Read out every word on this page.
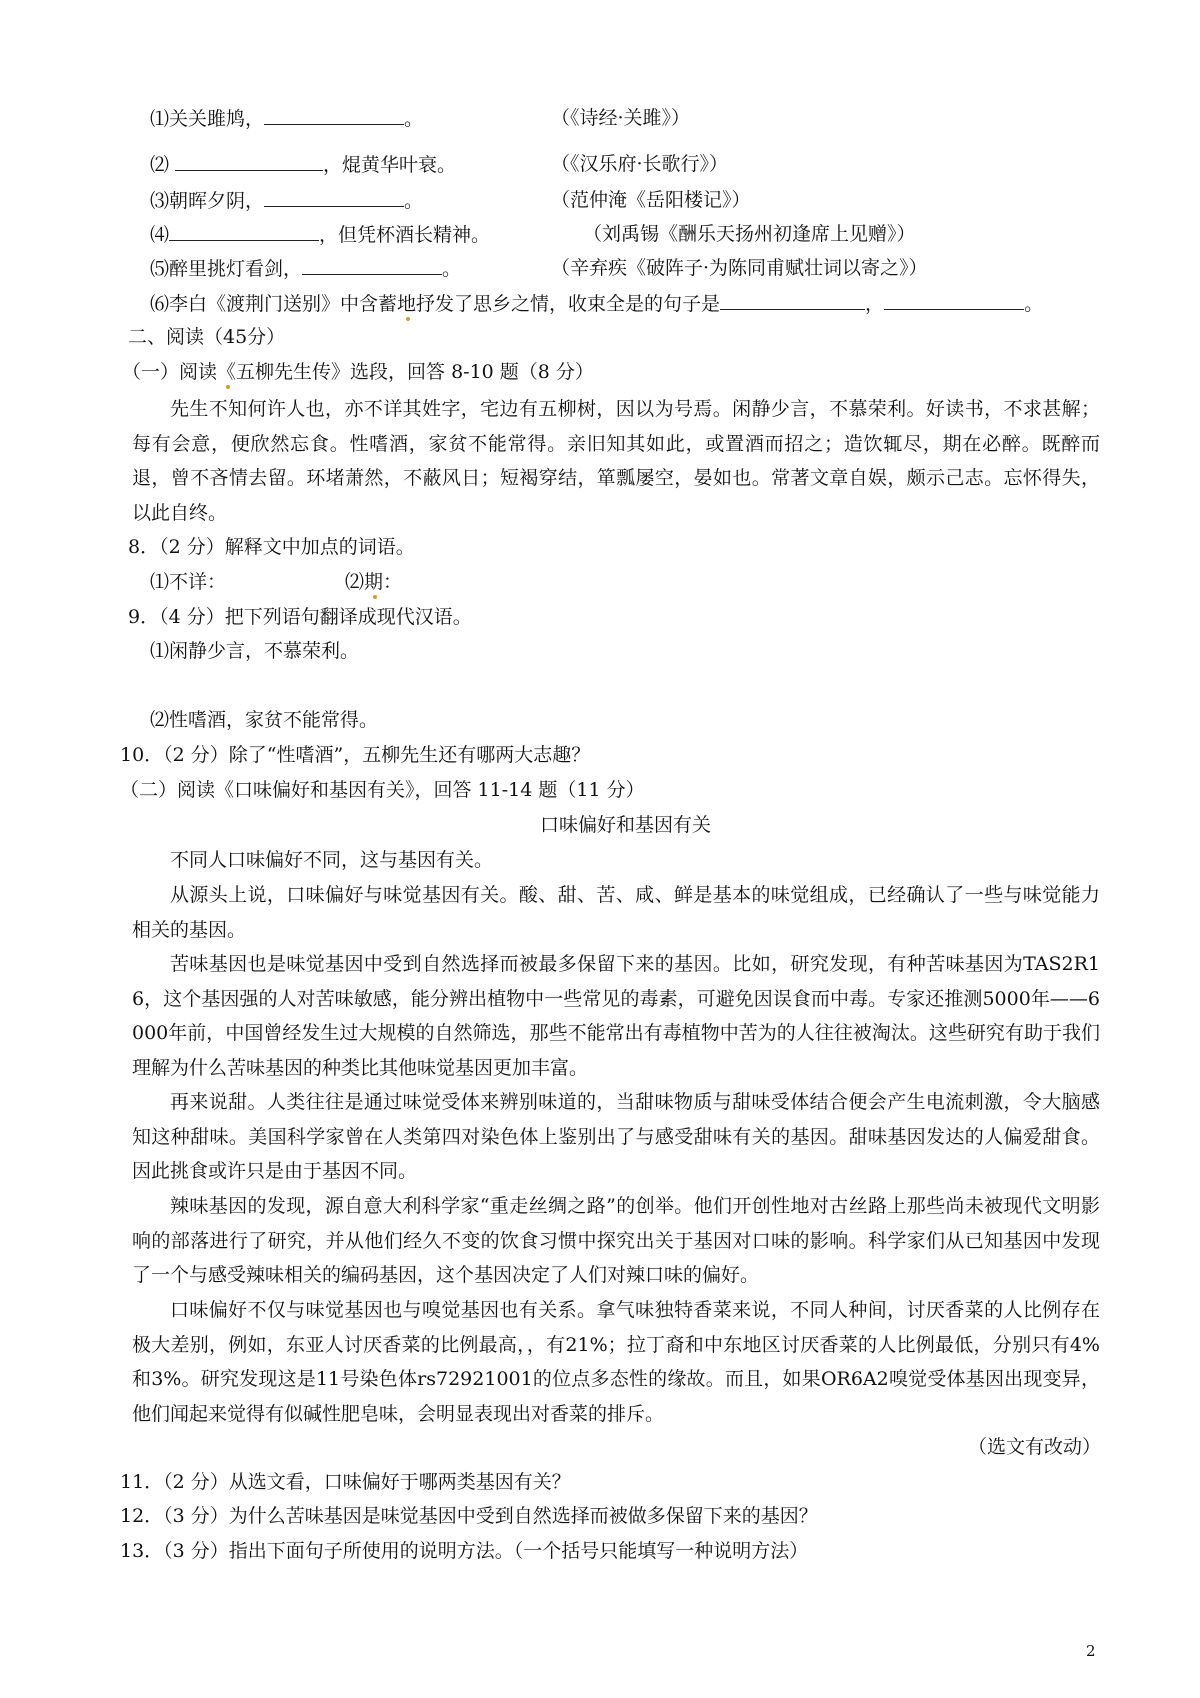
⑴关关雎鸠，	。	（《诗经·关雎》）
⑵	，焜黄华叶衰。	（《汉乐府·长歌行》）
⑶朝晖夕阴，	。	（范仲淹《岳阳楼记》）
⑷	，但凭杯酒长精神。	（刘禹锡《酬乐天扬州初逢席上见赠》）
⑸醉里挑灯看剑，	。	（辛弃疾《破阵子·为陈同甫赋壮词以寄之》）
⑹李白《渡荆门送别》中含蓄地抒发了思乡之情，收束全是的句子是	，	。
二、阅读（45分）
（一）阅读《五柳先生传》选段，回答 8-10 题（8 分）
先生不知何许人也，亦不详其姓字，宅边有五柳树，因以为号焉。闲静少言，不慕荣利。好读书，不求甚解；每有会意，便欣然忘食。性嗜酒，家贫不能常得。亲旧知其如此，或置酒而招之；造饮辄尽，期在必醉。既醉而退，曾不吝情去留。环堵萧然，不蔽风日；短褐穿结，箪瓢屡空，晏如也。常著文章自娱，颇示己志。忘怀得失，以此自终。
8．（2 分）解释文中加点的词语。
⑴不详：	⑵期：
9．（4 分）把下列语句翻译成现代汉语。
⑴闲静少言，不慕荣利。
⑵性嗜酒，家贫不能常得。
10．（2 分）除了“性嗜酒”，五柳先生还有哪两大志趣？
（二）阅读《口味偏好和基因有关》，回答 11-14 题（11 分）
口味偏好和基因有关
不同人口味偏好不同，这与基因有关。
从源头上说，口味偏好与味觉基因有关。酸、甜、苦、咸、鲜是基本的味觉组成，已经确认了一些与味觉能力相关的基因。
苦味基因也是味觉基因中受到自然选择而被最多保留下来的基因。比如，研究发现，有种苦味基因为TAS2R16，这个基因强的人对苦味敏感，能分辨出植物中一些常见的毒素，可避免因误食而中毒。专家还推测5000年——6000年前，中国曾经发生过大规模的自然筛选，那些不能常出有毒植物中苦为的人往往被淘汰。这些研究有助于我们理解为什么苦味基因的种类比其他味觉基因更加丰富。
再来说甜。人类往往是通过味觉受体来辨别味道的，当甜味物质与甜味受体结合便会产生电流刺激，令大脑感知这种甜味。美国科学家曾在人类第四对染色体上鉴别出了与感受甜味有关的基因。甜味基因发达的人偏爱甜食。因此挑食或许只是由于基因不同。
辣味基因的发现，源自意大利科学家“重走丝绸之路”的创举。他们开创性地对古丝路上那些尚未被现代文明影响的部落进行了研究，并从他们经久不变的饮食习惯中探究出关于基因对口味的影响。科学家们从已知基因中发现了一个与感受辣味相关的编码基因，这个基因决定了人们对辣口味的偏好。
口味偏好不仅与味觉基因也与嗅觉基因也有关系。拿气味独特香菜来说，不同人种间，讨厌香菜的人比例存在极大差别，例如，东亚人讨厌香菜的比例最高，，有21%；拉丁裔和中东地区讨厌香菜的人比例最低，分别只有4%和3%。研究发现这是11号染色体rs72921001的位点多态性的缘故。而且，如果OR6A2嗅觉受体基因出现变异，他们闻起来觉得有似碱性肥皂味，会明显表现出对香菜的排斥。
（选文有改动）
11．（2 分）从选文看，口味偏好于哪两类基因有关？
12．（3 分）为什么苦味基因是味觉基因中受到自然选择而被做多保留下来的基因？
13．（3 分）指出下面句子所使用的说明方法。（一个括号只能填写一种说明方法）
2
